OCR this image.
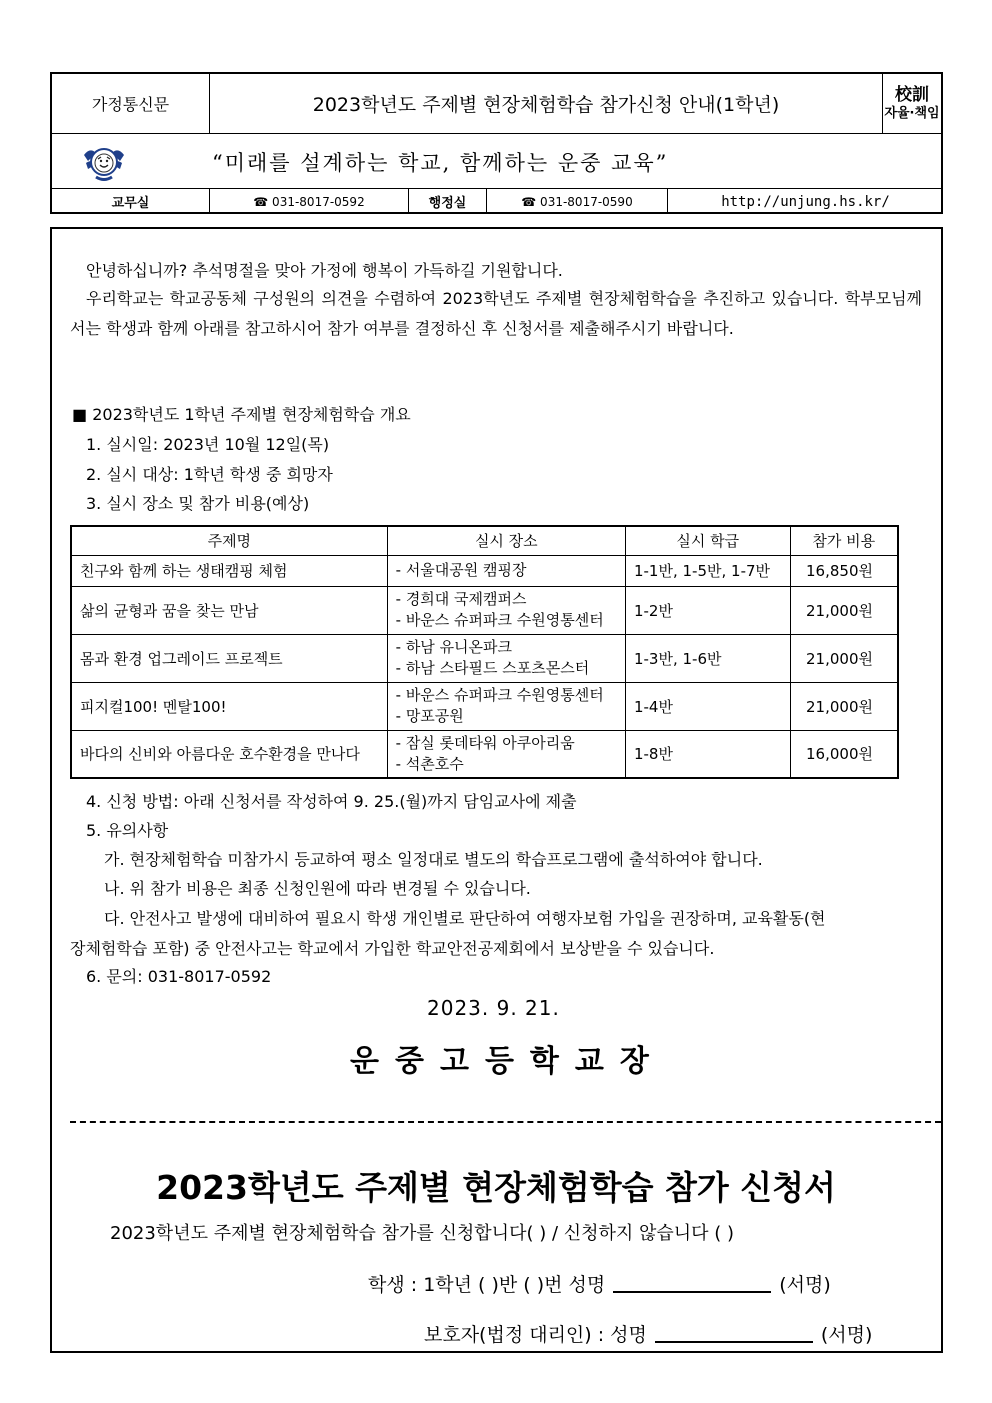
가정통신문	2023학년도 주제별 현장체험학습 참가신청 안내(1학년)	校訓
자율·책임
“미래를 설계하는 학교, 함께하는 운중 교육”
교무실	☎ 031-8017-0592	행정실	☎ 031-8017-0590	http://unjung.hs.kr/
안녕하십니까? 추석명절을 맞아 가정에 행복이 가득하길 기원합니다.
우리학교는 학교공동체 구성원의 의견을 수렴하여 2023학년도 주제별 현장체험학습을 추진하고 있습니다. 학부모님께서는 학생과 함께 아래를 참고하시어 참가 여부를 결정하신 후 신청서를 제출해주시기 바랍니다.
■ 2023학년도 1학년 주제별 현장체험학습 개요
1. 실시일: 2023년 10월 12일(목)
2. 실시 대상: 1학년 학생 중 희망자
3. 실시 장소 및 참가 비용(예상)
주제명	실시 장소	실시 학급	참가 비용
친구와 함께 하는 생태캠핑 체험	- 서울대공원 캠핑장	1-1반, 1-5반, 1-7반	16,850원
삶의 균형과 꿈을 찾는 만남	- 경희대 국제캠퍼스
- 바운스 슈퍼파크 수원영통센터	1-2반	21,000원
몸과 환경 업그레이드 프로젝트	- 하남 유니온파크
- 하남 스타필드 스포츠몬스터	1-3반, 1-6반	21,000원
피지컬100! 멘탈100!	- 바운스 슈퍼파크 수원영통센터
- 망포공원	1-4반	21,000원
바다의 신비와 아름다운 호수환경을 만나다	- 잠실 롯데타워 아쿠아리움
- 석촌호수	1-8반	16,000원
4. 신청 방법: 아래 신청서를 작성하여 9. 25.(월)까지 담임교사에 제출
5. 유의사항
가. 현장체험학습 미참가시 등교하여 평소 일정대로 별도의 학습프로그램에 출석하여야 합니다.
나. 위 참가 비용은 최종 신청인원에 따라 변경될 수 있습니다.
다. 안전사고 발생에 대비하여 필요시 학생 개인별로 판단하여 여행자보험 가입을 권장하며, 교육활동(현
장체험학습 포함) 중 안전사고는 학교에서 가입한 학교안전공제회에서 보상받을 수 있습니다.
6. 문의: 031-8017-0592
2023. 9. 21.
운중고등학교장
2023학년도 주제별 현장체험학습 참가 신청서
2023학년도 주제별 현장체험학습 참가를 신청합니다( ) / 신청하지 않습니다 ( )
학생 : 1학년 ( )반 ( )번 성명	(서명)
보호자(법정 대리인) : 성명	(서명)
